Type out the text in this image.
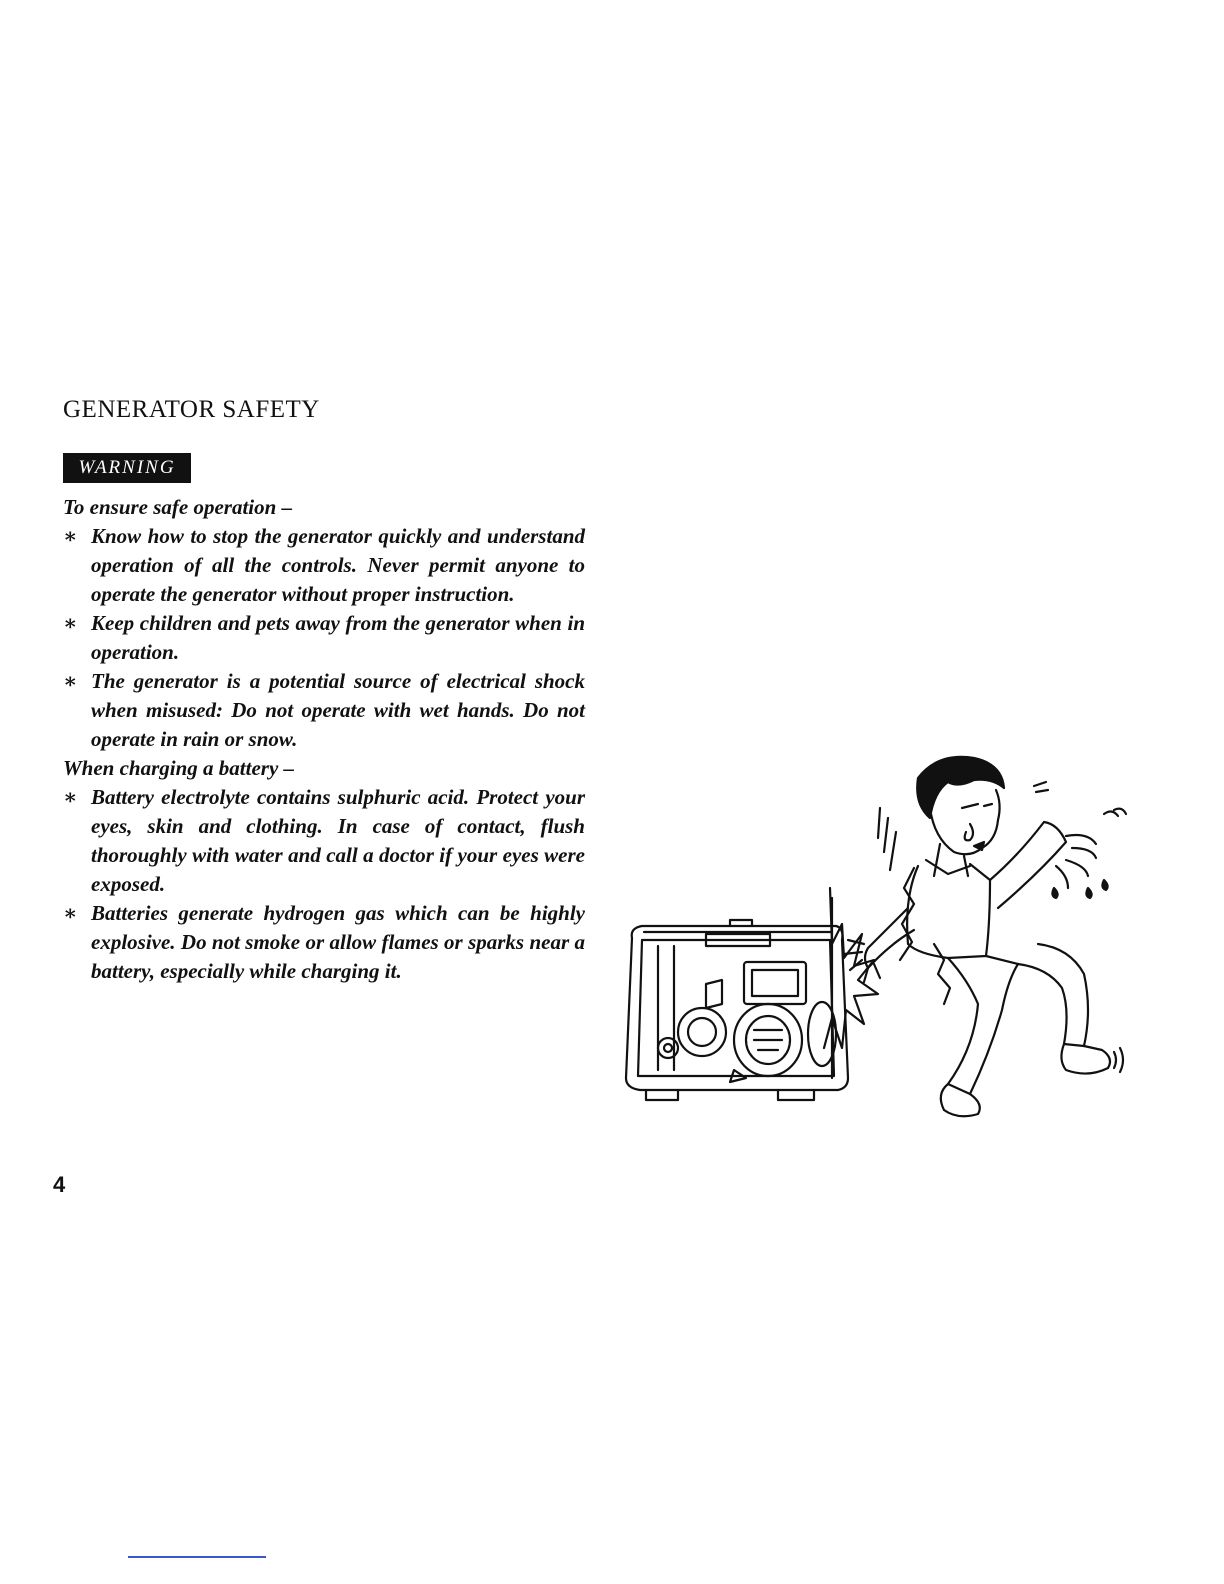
GENERATOR SAFETY
WARNING

To ensure safe operation –

∗ Know how to stop the generator quickly and understand operation of all the controls. Never permit anyone to operate the generator without proper instruction.
∗ Keep children and pets away from the generator when in operation.
∗ The generator is a potential source of electrical shock when misused: Do not operate with wet hands. Do not operate in rain or snow.

When charging a battery –

∗ Battery electrolyte contains sulphuric acid. Protect your eyes, skin and clothing. In case of contact, flush thoroughly with water and call a doctor if your eyes were exposed.
∗ Batteries generate hydrogen gas which can be highly explosive. Do not smoke or allow flames or sparks near a battery, especially while charging it.

4
